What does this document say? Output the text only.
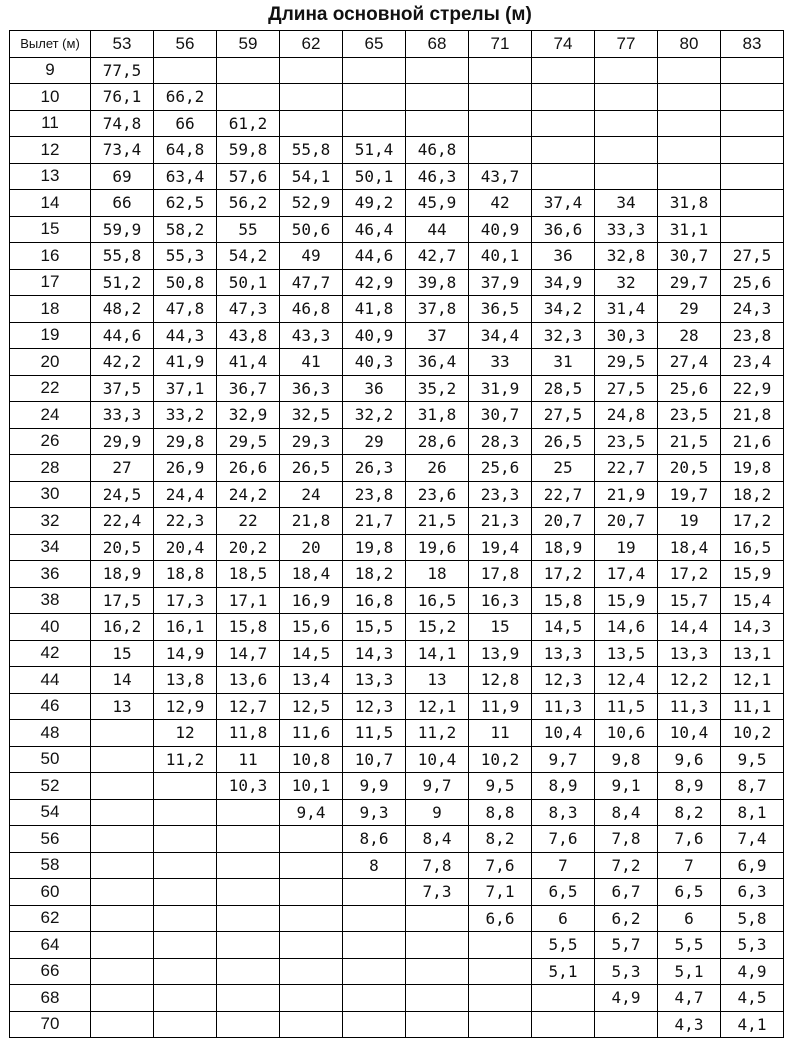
Длина основной стрелы (м)
Вылет (м)	53	56	59	62	65	68	71	74	77	80	83
9	77,5										
10	76,1	66,2									
11	74,8	66	61,2								
12	73,4	64,8	59,8	55,8	51,4	46,8					
13	69	63,4	57,6	54,1	50,1	46,3	43,7				
14	66	62,5	56,2	52,9	49,2	45,9	42	37,4	34	31,8	
15	59,9	58,2	55	50,6	46,4	44	40,9	36,6	33,3	31,1	
16	55,8	55,3	54,2	49	44,6	42,7	40,1	36	32,8	30,7	27,5
17	51,2	50,8	50,1	47,7	42,9	39,8	37,9	34,9	32	29,7	25,6
18	48,2	47,8	47,3	46,8	41,8	37,8	36,5	34,2	31,4	29	24,3
19	44,6	44,3	43,8	43,3	40,9	37	34,4	32,3	30,3	28	23,8
20	42,2	41,9	41,4	41	40,3	36,4	33	31	29,5	27,4	23,4
22	37,5	37,1	36,7	36,3	36	35,2	31,9	28,5	27,5	25,6	22,9
24	33,3	33,2	32,9	32,5	32,2	31,8	30,7	27,5	24,8	23,5	21,8
26	29,9	29,8	29,5	29,3	29	28,6	28,3	26,5	23,5	21,5	21,6
28	27	26,9	26,6	26,5	26,3	26	25,6	25	22,7	20,5	19,8
30	24,5	24,4	24,2	24	23,8	23,6	23,3	22,7	21,9	19,7	18,2
32	22,4	22,3	22	21,8	21,7	21,5	21,3	20,7	20,7	19	17,2
34	20,5	20,4	20,2	20	19,8	19,6	19,4	18,9	19	18,4	16,5
36	18,9	18,8	18,5	18,4	18,2	18	17,8	17,2	17,4	17,2	15,9
38	17,5	17,3	17,1	16,9	16,8	16,5	16,3	15,8	15,9	15,7	15,4
40	16,2	16,1	15,8	15,6	15,5	15,2	15	14,5	14,6	14,4	14,3
42	15	14,9	14,7	14,5	14,3	14,1	13,9	13,3	13,5	13,3	13,1
44	14	13,8	13,6	13,4	13,3	13	12,8	12,3	12,4	12,2	12,1
46	13	12,9	12,7	12,5	12,3	12,1	11,9	11,3	11,5	11,3	11,1
48		12	11,8	11,6	11,5	11,2	11	10,4	10,6	10,4	10,2
50		11,2	11	10,8	10,7	10,4	10,2	9,7	9,8	9,6	9,5
52			10,3	10,1	9,9	9,7	9,5	8,9	9,1	8,9	8,7
54				9,4	9,3	9	8,8	8,3	8,4	8,2	8,1
56					8,6	8,4	8,2	7,6	7,8	7,6	7,4
58					8	7,8	7,6	7	7,2	7	6,9
60						7,3	7,1	6,5	6,7	6,5	6,3
62							6,6	6	6,2	6	5,8
64								5,5	5,7	5,5	5,3
66								5,1	5,3	5,1	4,9
68									4,9	4,7	4,5
70										4,3	4,1
